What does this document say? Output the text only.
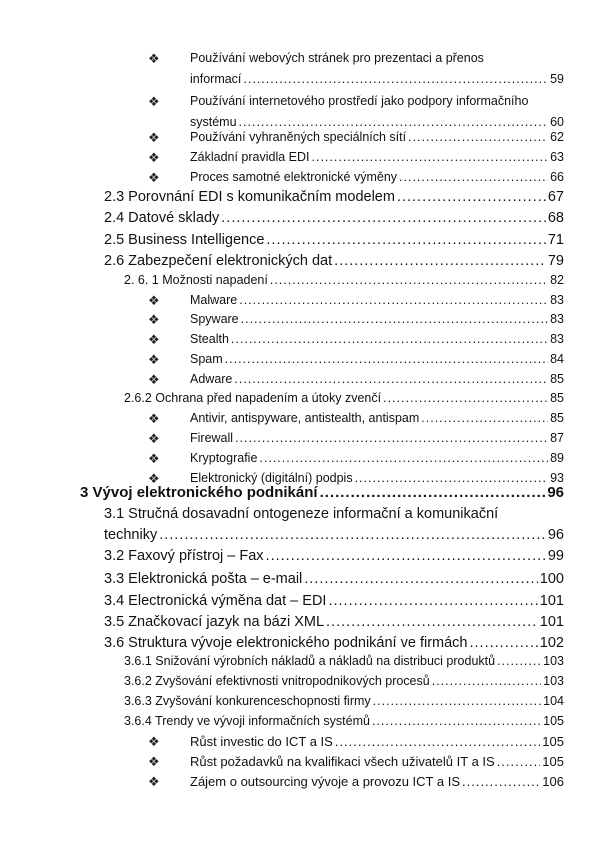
❖ Používání webových stránek pro prezentaci a přenos
informací .....	59
❖ Používání internetového prostředí jako podpory informačního
systému .....	60
❖ Používání vyhraněných speciálních sítí .....	62
❖ Základní pravidla EDI .....	63
❖ Proces samotné elektronické výměny .....	66
2.3 Porovnání EDI s komunikačním modelem .....	67
2.4 Datové sklady .....	68
2.5 Business Intelligence .....	71
2.6 Zabezpečení elektronických dat .....	79
2. 6. 1 Možnosti napadení .....	82
❖ Malware .....	83
❖ Spyware .....	83
❖ Stealth .....	83
❖ Spam .....	84
❖ Adware .....	85
2.6.2 Ochrana před napadením a útoky zvenčí .....	85
❖ Antivir, antispyware, antistealth, antispam .....	85
❖ Firewall .....	87
❖ Kryptografie .....	89
❖ Elektronický (digitální) podpis .....	93
3 Vývoj elektronického podnikání .....	96
3.1 Stručná dosavadní ontogeneze informační a komunikační
techniky .....	96
3.2 Faxový přístroj – Fax .....	99
3.3 Elektronická pošta – e-mail .....	100
3.4 Electronická výměna dat – EDI .....	101
3.5 Značkovací jazyk na bázi XML .....	101
3.6 Struktura vývoje elektronického podnikání ve firmách .....	102
3.6.1 Snižování výrobních nákladů a nákladů na distribuci produktů .....	103
3.6.2 Zvyšování efektivnosti vnitropodnikových procesů .....	103
3.6.3 Zvyšování konkurenceschopnosti firmy .....	104
3.6.4 Trendy ve vývoji informačních systémů .....	105
❖ Růst investic do ICT a IS .....	105
❖ Růst požadavků na kvalifikaci všech uživatelů IT a IS .....	105
❖ Zájem o outsourcing vývoje a provozu ICT a IS .....	106
